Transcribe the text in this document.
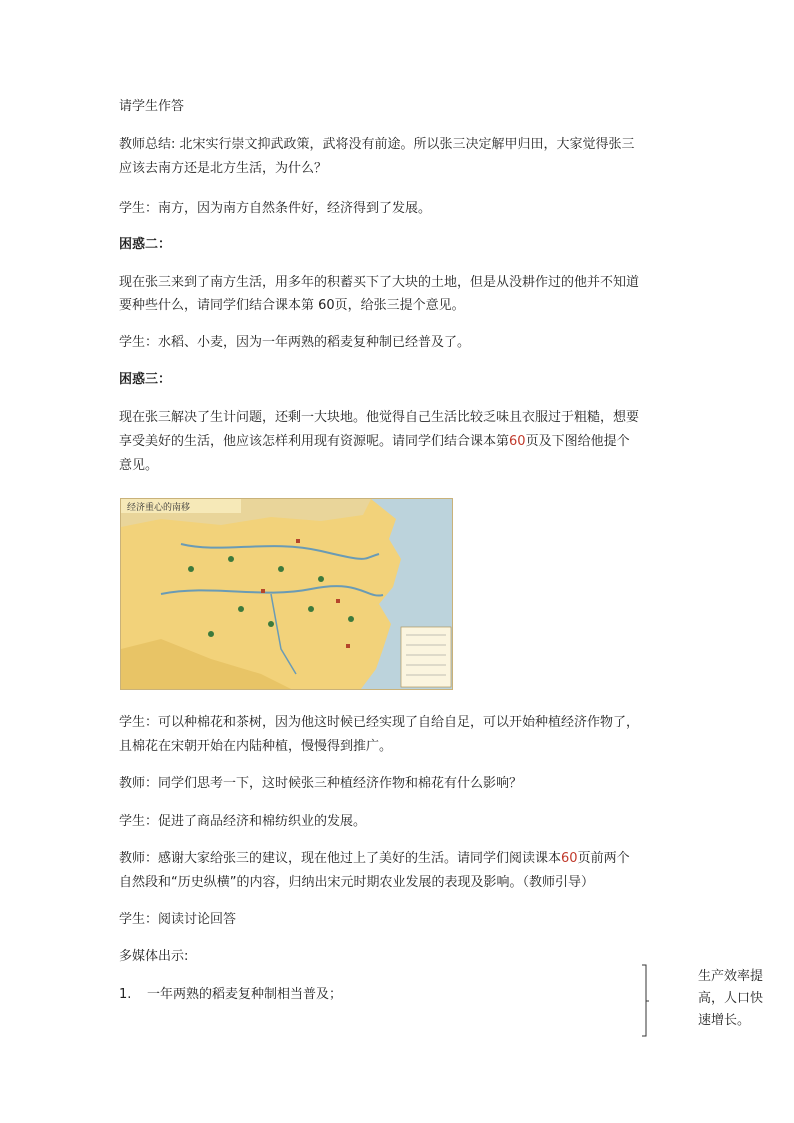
请学生作答
教师总结: 北宋实行崇文抑武政策，武将没有前途。所以张三决定解甲归田，大家觉得张三
应该去南方还是北方生活，为什么？
学生：南方，因为南方自然条件好，经济得到了发展。
困惑二：
现在张三来到了南方生活，用多年的积蓄买下了大块的土地，但是从没耕作过的他并不知道
要种些什么，请同学们结合课本第 60页，给张三提个意见。
学生：水稻、小麦，因为一年两熟的稻麦复种制已经普及了。
困惑三：
现在张三解决了生计问题，还剩一大块地。他觉得自己生活比较乏味且衣服过于粗糙，想要
享受美好的生活，他应该怎样利用现有资源呢。请同学们结合课本第60页及下图给他提个
意见。
经济重心的南移
学生：可以种棉花和茶树，因为他这时候已经实现了自给自足，可以开始种植经济作物了，
且棉花在宋朝开始在内陆种植，慢慢得到推广。
教师：同学们思考一下，这时候张三种植经济作物和棉花有什么影响？
学生：促进了商品经济和棉纺织业的发展。
教师：感谢大家给张三的建议，现在他过上了美好的生活。请同学们阅读课本60页前两个
自然段和“历史纵横”的内容，归纳出宋元时期农业发展的表现及影响。（教师引导）
学生：阅读讨论回答
多媒体出示:
1. 一年两熟的稻麦复种制相当普及；
生产效率提
高，人口快
速增长。
